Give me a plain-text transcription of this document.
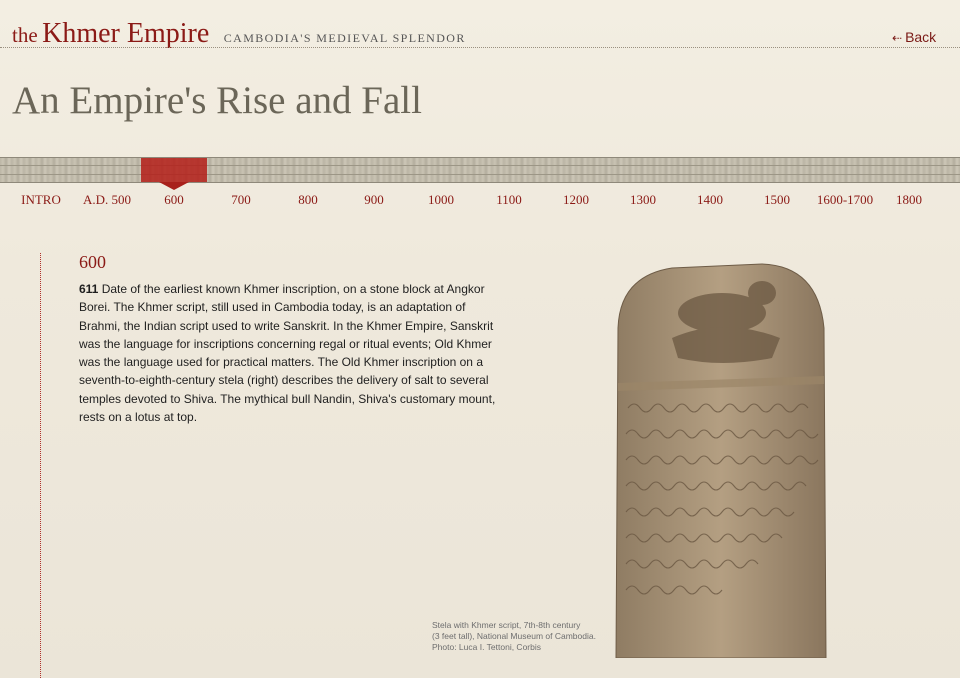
the Khmer Empire CAMBODIA'S MEDIEVAL SPLENDOR	⇠ Back
An Empire's Rise and Fall
INTRO A.D. 500	600	700	800	900	1000	1100	1200	1300	1400	1500 1600-1700 1800
600

611 Date of the earliest known Khmer inscription, on a stone block at Angkor Borei. The Khmer script, still used in Cambodia today, is an adaptation of Brahmi, the Indian script used to write Sanskrit. In the Khmer Empire, Sanskrit was the language for inscriptions concerning regal or ritual events; Old Khmer was the language used for practical matters. The Old Khmer inscription on a seventh-to-eighth-century stela (right) describes the delivery of salt to several temples devoted to Shiva. The mythical bull Nandin, Shiva's customary mount, rests on a lotus at top.

Stela with Khmer script, 7th-8th century
(3 feet tall), National Museum of Cambodia.
Photo: Luca I. Tettoni, Corbis
